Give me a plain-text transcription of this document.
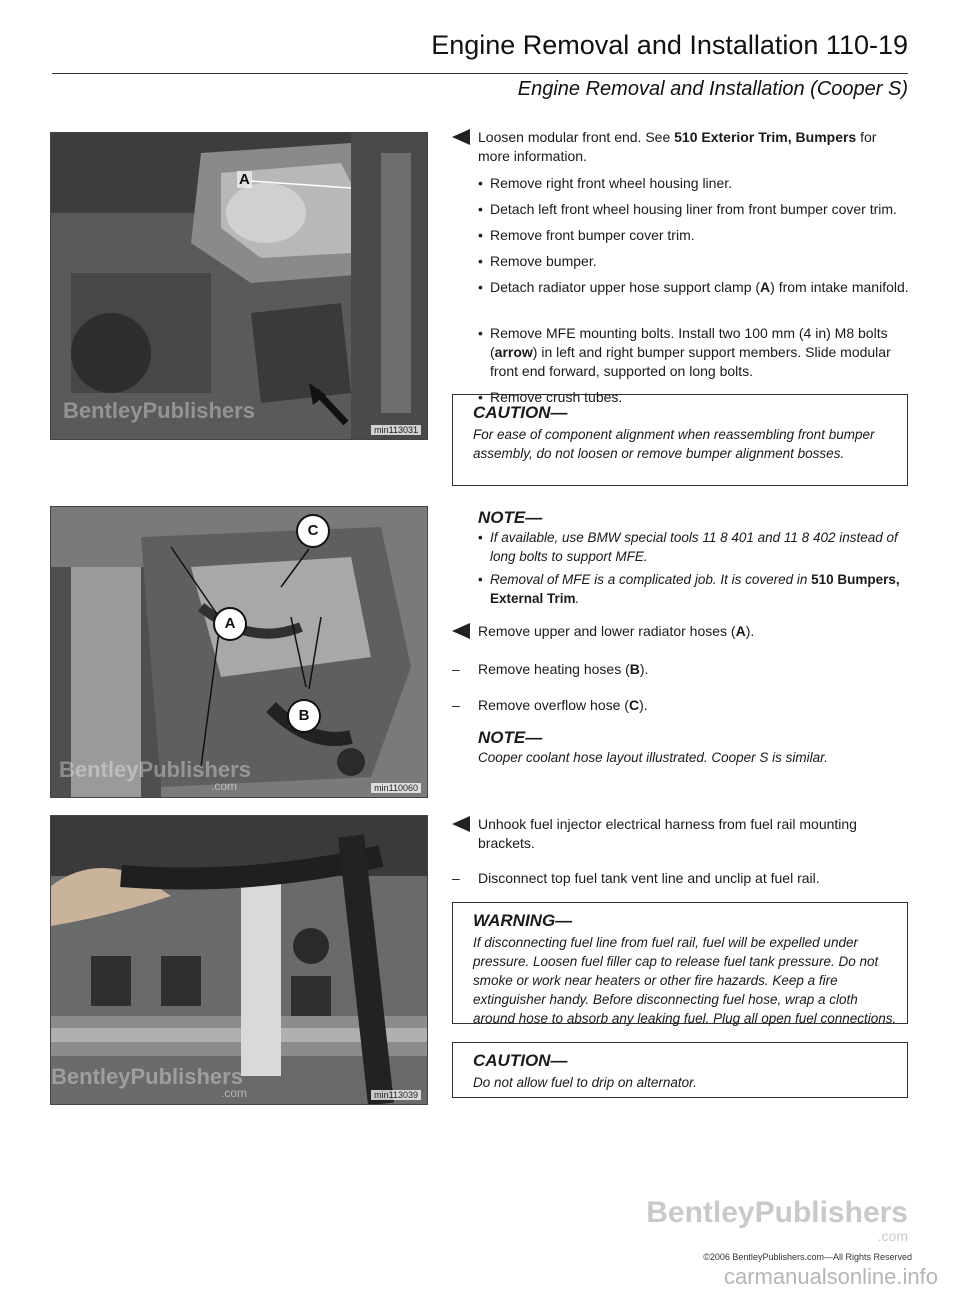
Engine Removal and Installation 110-19
Engine Removal and Installation (Cooper S)
A
BentleyPublishers
min113031
C
A
B
BentleyPublishers
.com	min110060
BentleyPublishers
.com	min113039
Loosen modular front end. See 510 Exterior Trim, Bumpers for more information.
• Remove right front wheel housing liner.
• Detach left front wheel housing liner from front bumper cover trim.
• Remove front bumper cover trim.
• Remove bumper.
• Detach radiator upper hose support clamp (A) from intake manifold.
• Remove MFE mounting bolts. Install two 100 mm (4 in) M8 bolts (arrow) in left and right bumper support members. Slide modular front end forward, supported on long bolts.
• Remove crush tubes.
CAUTION—
For ease of component alignment when reassembling front bumper assembly, do not loosen or remove bumper alignment bosses.
NOTE—
• If available, use BMW special tools 11 8 401 and 11 8 402 instead of long bolts to support MFE.
• Removal of MFE is a complicated job. It is covered in 510 Bumpers, External Trim.
Remove upper and lower radiator hoses (A).
–	Remove heating hoses (B).
–	Remove overflow hose (C).
NOTE—
Cooper coolant hose layout illustrated. Cooper S is similar.
Unhook fuel injector electrical harness from fuel rail mounting brackets.
–	Disconnect top fuel tank vent line and unclip at fuel rail.
WARNING—
If disconnecting fuel line from fuel rail, fuel will be expelled under pressure. Loosen fuel filler cap to release fuel tank pressure. Do not smoke or work near heaters or other fire hazards. Keep a fire extinguisher handy. Before disconnecting fuel hose, wrap a cloth around hose to absorb any leaking fuel. Plug all open fuel connections.
CAUTION—
Do not allow fuel to drip on alternator.
BentleyPublishers
.com
©2006 BentleyPublishers.com—All Rights Reserved
carmanualsonline.info
